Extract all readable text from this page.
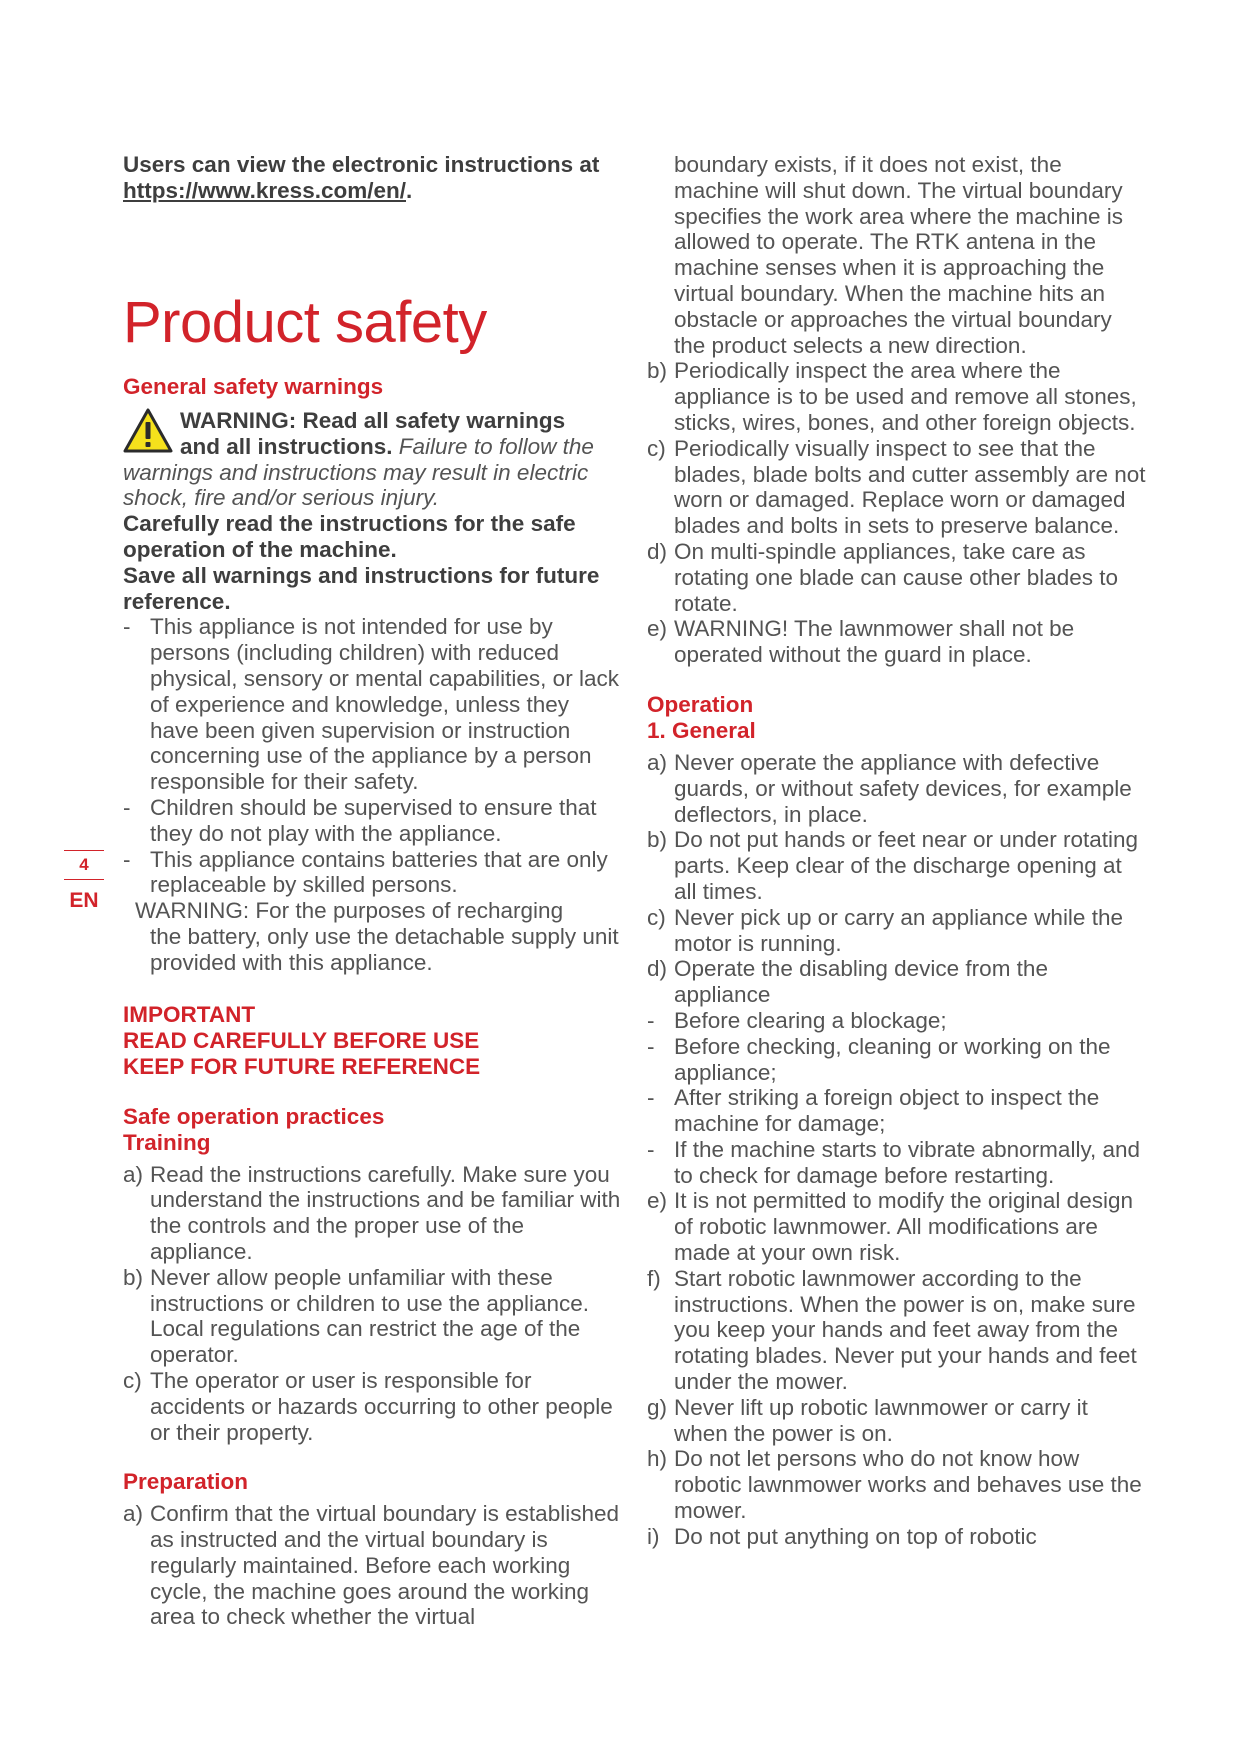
Users can view the electronic instructions at https://www.kress.com/en/.

Product safety

General safety warnings

WARNING: Read all safety warnings

and all instructions. Failure to follow the

warnings and instructions may result in electric shock, fire and/or serious injury.

Carefully read the instructions for the safe operation of the machine.

Save all warnings and instructions for future reference.

- This appliance is not intended for use by persons (including children) with reduced physical, sensory or mental capabilities, or lack of experience and knowledge, unless they have been given supervision or instruction concerning use of the appliance by a person responsible for their safety.

- Children should be supervised to ensure that they do not play with the appliance.

- This appliance contains batteries that are only replaceable by skilled persons.

WARNING: For the purposes of recharging

the battery, only use the detachable supply unit provided with this appliance.

IMPORTANT

READ CAREFULLY BEFORE USE

KEEP FOR FUTURE REFERENCE

Safe operation practices

Training

a) Read the instructions carefully. Make sure you understand the instructions and be familiar with the controls and the proper use of the appliance.

b) Never allow people unfamiliar with these instructions or children to use the appliance. Local regulations can restrict the age of the operator.

c) The operator or user is responsible for accidents or hazards occurring to other people or their property.

Preparation

a) Confirm that the virtual boundary is established as instructed and the virtual boundary is regularly maintained. Before each working cycle, the machine goes around the working area to check whether the virtual

4
EN

boundary exists, if it does not exist, the machine will shut down. The virtual boundary specifies the work area where the machine is allowed to operate. The RTK antena in the machine senses when it is approaching the virtual boundary. When the machine hits an obstacle or approaches the virtual boundary the product selects a new direction.

b) Periodically inspect the area where the appliance is to be used and remove all stones, sticks, wires, bones, and other foreign objects.

c) Periodically visually inspect to see that the blades, blade bolts and cutter assembly are not worn or damaged. Replace worn or damaged blades and bolts in sets to preserve balance.

d) On multi-spindle appliances, take care as rotating one blade can cause other blades to rotate.

e) WARNING! The lawnmower shall not be operated without the guard in place.

Operation

1. General

a) Never operate the appliance with defective guards, or without safety devices, for example deflectors, in place.

b) Do not put hands or feet near or under rotating parts. Keep clear of the discharge opening at all times.

c) Never pick up or carry an appliance while the motor is running.

d) Operate the disabling device from the appliance

- Before clearing a blockage;

- Before checking, cleaning or working on the appliance;

- After striking a foreign object to inspect the machine for damage;

- If the machine starts to vibrate abnormally, and to check for damage before restarting.

e) It is not permitted to modify the original design of robotic lawnmower. All modifications are made at your own risk.

f) Start robotic lawnmower according to the instructions. When the power is on, make sure you keep your hands and feet away from the rotating blades. Never put your hands and feet under the mower.

g) Never lift up robotic lawnmower or carry it when the power is on.

h) Do not let persons who do not know how robotic lawnmower works and behaves use the mower.

i) Do not put anything on top of robotic
